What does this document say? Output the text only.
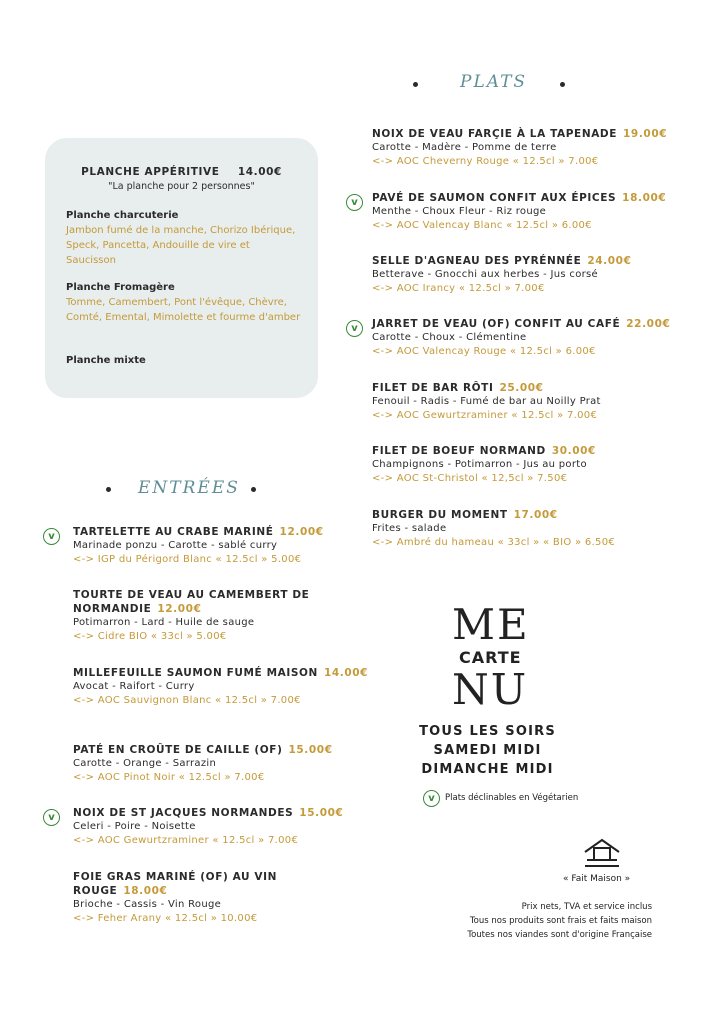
PLATS
NOIX DE VEAU FARÇIE À LA TAPENADE 19.00€
Carotte - Madère - Pomme de terre
<-> AOC Cheverny Rouge « 12.5cl » 7.00€
PAVÉ DE SAUMON CONFIT AUX ÉPICES 18.00€
Menthe - Choux Fleur - Riz rouge
<-> AOC Valencay Blanc « 12.5cl » 6.00€
v
SELLE D'AGNEAU DES PYRÉNNÉE 24.00€
Betterave - Gnocchi aux herbes - Jus corsé
<-> AOC Irancy « 12.5cl » 7.00€
JARRET DE VEAU (OF) CONFIT AU CAFÉ 22.00€
Carotte - Choux - Clémentine
<-> AOC Valencay Rouge « 12.5cl » 6.00€
v
FILET DE BAR RÔTI 25.00€
Fenouil - Radis - Fumé de bar au Noilly Prat
<-> AOC Gewurtzraminer « 12.5cl » 7.00€
FILET DE BOEUF NORMAND 30.00€
Champignons - Potimarron - Jus au porto
<-> AOC St-Christol « 12,5cl » 7.50€
BURGER DU MOMENT 17.00€
Frites - salade
<-> Ambré du hameau « 33cl » « BIO » 6.50€
PLANCHE APPÉRITIVE 14.00€
"La planche pour 2 personnes"
Planche charcuterie
Jambon fumé de la manche, Chorizo Ibérique, Speck, Pancetta, Andouille de vire et Saucisson
Planche Fromagère
Tomme, Camembert, Pont l'évêque, Chèvre, Comté, Emental, Mimolette et fourme d'amber
Planche mixte
ENTRÉES
TARTELETTE AU CRABE MARINÉ 12.00€
Marinade ponzu - Carotte - sablé curry
<-> IGP du Périgord Blanc « 12.5cl » 5.00€
v
TOURTE DE VEAU AU CAMEMBERT DE NORMANDIE 12.00€
Potimarron - Lard - Huile de sauge
<-> Cidre BIO « 33cl » 5.00€
MILLEFEUILLE SAUMON FUMÉ MAISON 14.00€
Avocat - Raifort - Curry
<-> AOC Sauvignon Blanc « 12.5cl » 7.00€
PATÉ EN CROÛTE DE CAILLE (OF) 15.00€
Carotte - Orange - Sarrazin
<-> AOC Pinot Noir « 12.5cl » 7.00€
NOIX DE ST JACQUES NORMANDES 15.00€
Celeri - Poire - Noisette
<-> AOC Gewurtzraminer « 12.5cl » 7.00€
v
FOIE GRAS MARINÉ (OF) AU VIN ROUGE 18.00€
Brioche - Cassis - Vin Rouge
<-> Feher Arany « 12.5cl » 10.00€
ME
CARTE
NU
TOUS LES SOIRS
SAMEDI MIDI
DIMANCHE MIDI
v	Plats déclinables en Végétarien
« Fait Maison »
Prix nets, TVA et service inclus
Tous nos produits sont frais et faits maison
Toutes nos viandes sont d'origine Française
